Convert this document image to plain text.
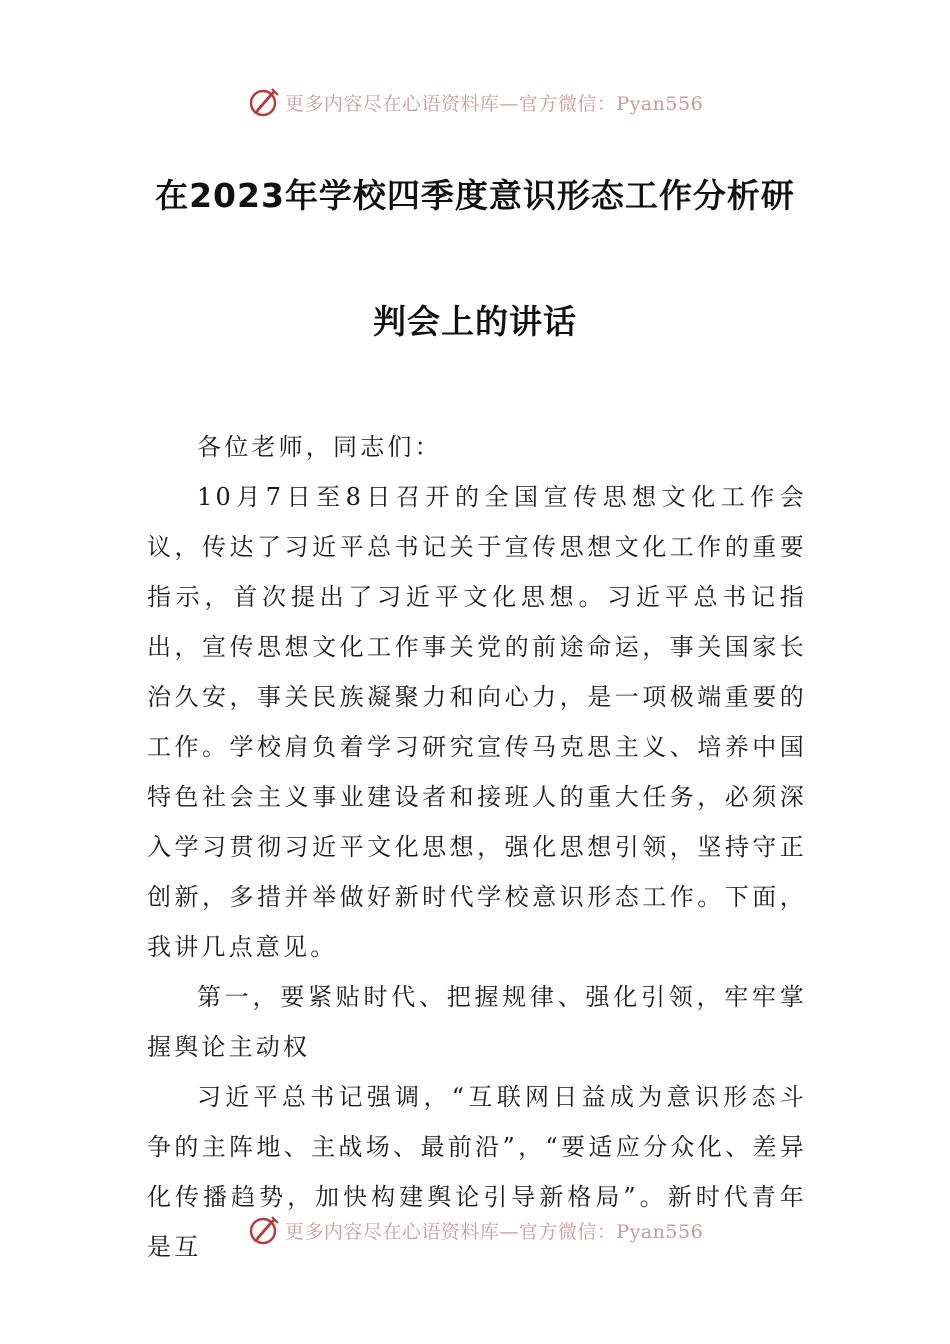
更多内容尽在心语资料库—官方微信：Pyan556
在2023年学校四季度意识形态工作分析研
判会上的讲话

各位老师，同志们：

10月7日至8日召开的全国宣传思想文化工作会议，传达了习近平总书记关于宣传思想文化工作的重要指示，首次提出了习近平文化思想。习近平总书记指出，宣传思想文化工作事关党的前途命运，事关国家长治久安，事关民族凝聚力和向心力，是一项极端重要的工作。学校肩负着学习研究宣传马克思主义、培养中国特色社会主义事业建设者和接班人的重大任务，必须深入学习贯彻习近平文化思想，强化思想引领，坚持守正创新，多措并举做好新时代学校意识形态工作。下面，我讲几点意见。

第一，要紧贴时代、把握规律、强化引领，牢牢掌握舆论主动权

习近平总书记强调，“互联网日益成为意识形态斗争的主阵地、主战场、最前沿”，“要适应分众化、差异化传播趋势，加快构建舆论引导新格局”。新时代青年是互

更多内容尽在心语资料库—官方微信：Pyan556
